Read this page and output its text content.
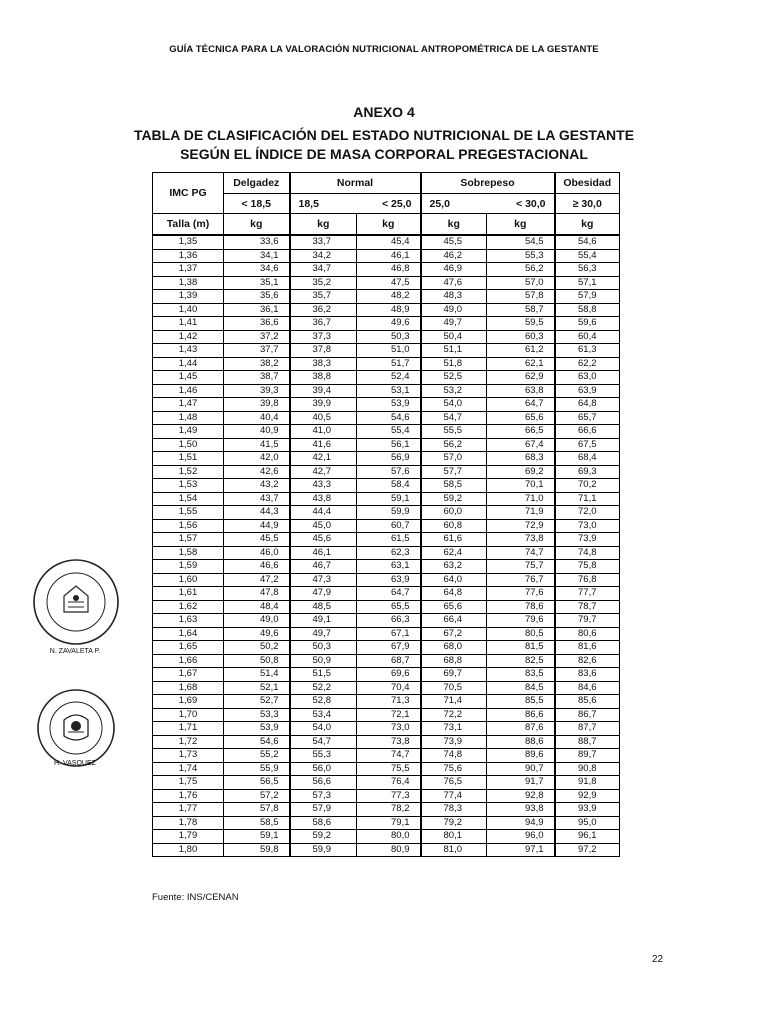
GUÍA TÉCNICA PARA LA VALORACIÓN NUTRICIONAL ANTROPOMÉTRICA DE LA GESTANTE
ANEXO 4
TABLA DE CLASIFICACIÓN DEL ESTADO NUTRICIONAL DE LA GESTANTE
SEGÚN EL ÍNDICE DE MASA CORPORAL PREGESTACIONAL
IMC PG	Delgadez	Normal		Sobrepeso		Obesidad
	< 18,5	18,5	< 25,0	25,0	< 30,0	≥ 30,0
Talla (m)	kg	kg	kg	kg	kg	kg
1,35	33,6	33,7	45,4	45,5	54,5	54,6
1,36	34,1	34,2	46,1	46,2	55,3	55,4
1,37	34,6	34,7	46,8	46,9	56,2	56,3
1,38	35,1	35,2	47,5	47,6	57,0	57,1
1,39	35,6	35,7	48,2	48,3	57,8	57,9
1,40	36,1	36,2	48,9	49,0	58,7	58,8
1,41	36,6	36,7	49,6	49,7	59,5	59,6
1,42	37,2	37,3	50,3	50,4	60,3	60,4
1,43	37,7	37,8	51,0	51,1	61,2	61,3
1,44	38,2	38,3	51,7	51,8	62,1	62,2
1,45	38,7	38,8	52,4	52,5	62,9	63,0
1,46	39,3	39,4	53,1	53,2	63,8	63,9
1,47	39,8	39,9	53,9	54,0	64,7	64,8
1,48	40,4	40,5	54,6	54,7	65,6	65,7
1,49	40,9	41,0	55,4	55,5	66,5	66,6
1,50	41,5	41,6	56,1	56,2	67,4	67,5
1,51	42,0	42,1	56,9	57,0	68,3	68,4
1,52	42,6	42,7	57,6	57,7	69,2	69,3
1,53	43,2	43,3	58,4	58,5	70,1	70,2
1,54	43,7	43,8	59,1	59,2	71,0	71,1
1,55	44,3	44,4	59,9	60,0	71,9	72,0
1,56	44,9	45,0	60,7	60,8	72,9	73,0
1,57	45,5	45,6	61,5	61,6	73,8	73,9
1,58	46,0	46,1	62,3	62,4	74,7	74,8
1,59	46,6	46,7	63,1	63,2	75,7	75,8
1,60	47,2	47,3	63,9	64,0	76,7	76,8
1,61	47,8	47,9	64,7	64,8	77,6	77,7
1,62	48,4	48,5	65,5	65,6	78,6	78,7
1,63	49,0	49,1	66,3	66,4	79,6	79,7
1,64	49,6	49,7	67,1	67,2	80,5	80,6
1,65	50,2	50,3	67,9	68,0	81,5	81,6
1,66	50,8	50,9	68,7	68,8	82,5	82,6
1,67	51,4	51,5	69,6	69,7	83,5	83,6
1,68	52,1	52,2	70,4	70,5	84,5	84,6
1,69	52,7	52,8	71,3	71,4	85,5	85,6
1,70	53,3	53,4	72,1	72,2	86,6	86,7
1,71	53,9	54,0	73,0	73,1	87,6	87,7
1,72	54,6	54,7	73,8	73,9	88,6	88,7
1,73	55,2	55,3	74,7	74,8	89,6	89,7
1,74	55,9	56,0	75,5	75,6	90,7	90,8
1,75	56,5	56,6	76,4	76,5	91,7	91,8
1,76	57,2	57,3	77,3	77,4	92,8	92,9
1,77	57,8	57,9	78,2	78,3	93,8	93,9
1,78	58,5	58,6	79,1	79,2	94,9	95,0
1,79	59,1	59,2	80,0	80,1	96,0	96,1
1,80	59,8	59,9	80,9	81,0	97,1	97,2
Fuente: INS/CENAN
22
N. ZAVALETA P.
H. VASQUEZ
